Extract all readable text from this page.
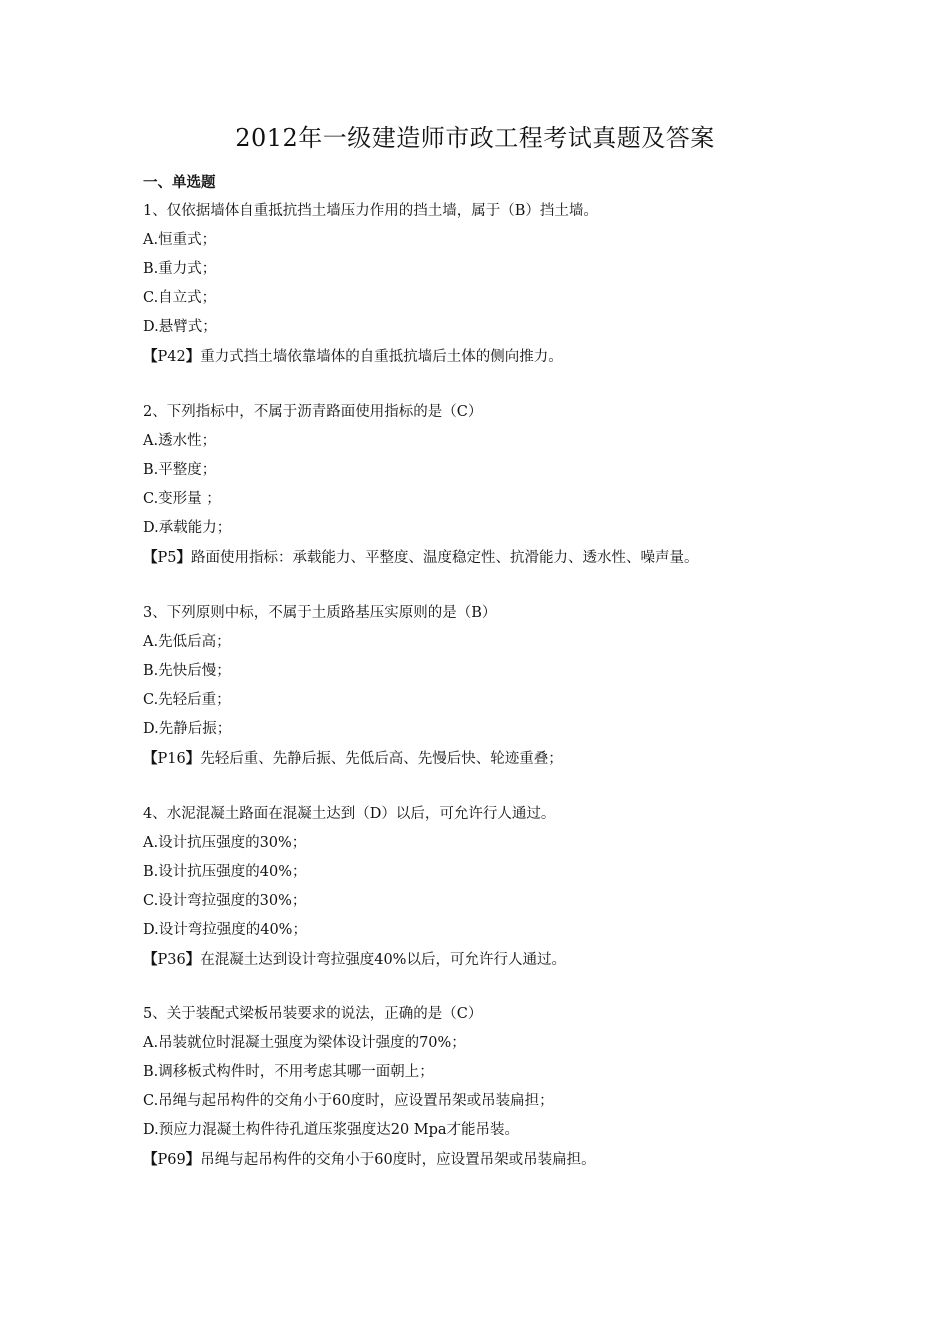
2012年一级建造师市政工程考试真题及答案
一、单选题
1、仅依据墙体自重抵抗挡土墙压力作用的挡土墙，属于（B）挡土墙。
A.恒重式；
B.重力式；
C.自立式；
D.悬臂式；
【P42】重力式挡土墙依靠墙体的自重抵抗墙后土体的侧向推力。
2、下列指标中，不属于沥青路面使用指标的是（C）
A.透水性；
B.平整度；
C.变形量 ；
D.承载能力；
【P5】路面使用指标：承载能力、平整度、温度稳定性、抗滑能力、透水性、噪声量。
3、下列原则中标，不属于土质路基压实原则的是（B）
A.先低后高；
B.先快后慢；
C.先轻后重；
D.先静后振；
【P16】先轻后重、先静后振、先低后高、先慢后快、轮迹重叠；
4、水泥混凝土路面在混凝土达到（D）以后，可允许行人通过。
A.设计抗压强度的30%；
B.设计抗压强度的40%；
C.设计弯拉强度的30%；
D.设计弯拉强度的40%；
【P36】在混凝土达到设计弯拉强度40%以后，可允许行人通过。
5、关于装配式梁板吊装要求的说法，正确的是（C）
A.吊装就位时混凝土强度为梁体设计强度的70%；
B.调移板式构件时，不用考虑其哪一面朝上；
C.吊绳与起吊构件的交角小于60度时，应设置吊架或吊装扁担；
D.预应力混凝土构件待孔道压浆强度达20 Mpa才能吊装。
【P69】吊绳与起吊构件的交角小于60度时，应设置吊架或吊装扁担。
